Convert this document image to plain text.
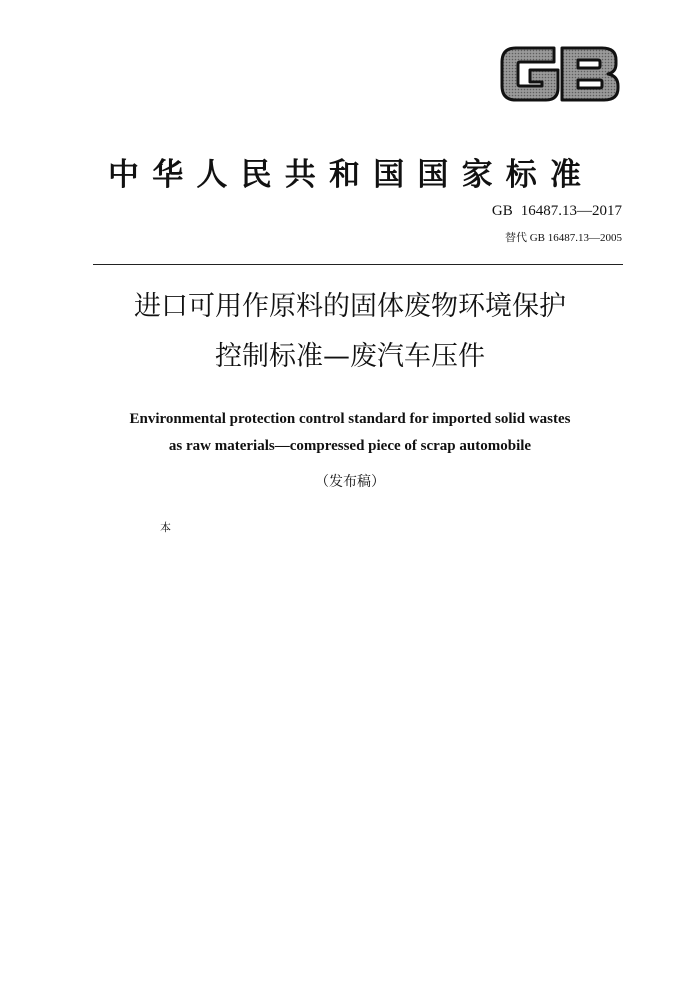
中华人民共和国国家标准
GB 16487.13—2017
替代 GB 16487.13—2005
进口可用作原料的固体废物环境保护
控制标准—废汽车压件
Environmental protection control standard for imported solid wastes
as raw materials—compressed piece of scrap automobile
（发布稿）
本
